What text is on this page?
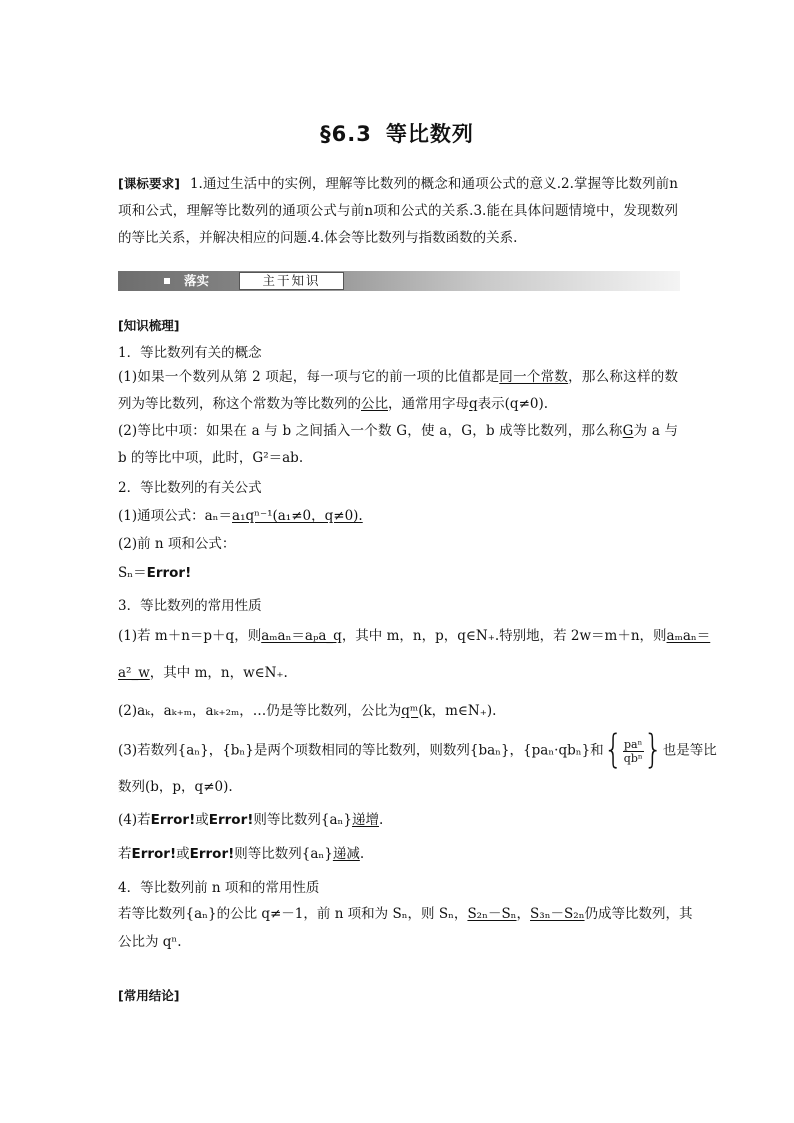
§6.3 等比数列
[课标要求] 1.通过生活中的实例，理解等比数列的概念和通项公式的意义.2.掌握等比数列前n项和公式，理解等比数列的通项公式与前n项和公式的关系.3.能在具体问题情境中，发现数列的等比关系，并解决相应的问题.4.体会等比数列与指数函数的关系.
落实	主干知识
[知识梳理]
1．等比数列有关的概念
(1)如果一个数列从第 2 项起，每一项与它的前一项的比值都是同一个常数，那么称这样的数列为等比数列，称这个常数为等比数列的公比，通常用字母q表示(q≠0).
(2)等比中项：如果在 a 与 b 之间插入一个数 G，使 a，G，b 成等比数列，那么称G为 a 与 b 的等比中项，此时，G²＝ab.
2．等比数列的有关公式
(1)通项公式：aₙ＝a₁qⁿ⁻¹(a₁≠0，q≠0).
(2)前 n 项和公式：
Sₙ＝Error!
3．等比数列的常用性质
(1)若 m＋n＝p＋q，则aₘaₙ＝aₚa_q，其中 m，n，p，q∈N₊.特别地，若 2w＝m＋n，则aₘaₙ＝
a²_w，其中 m，n，w∈N₊.
(2)aₖ，aₖ₊ₘ，aₖ₊₂ₘ，…仍是等比数列，公比为qᵐ(k，m∈N₊).
(3)若数列{aₙ}，{bₙ}是两个项数相同的等比数列，则数列{baₙ}，{paₙ·qbₙ}和{ $\frac{\text{paⁿ}}{\text{qbⁿ}}$ }也是等比
数列(b，p，q≠0).
(4)若Error!或Error!则等比数列{aₙ}递增.
若Error!或Error!则等比数列{aₙ}递减.
4．等比数列前 n 项和的常用性质
若等比数列{aₙ}的公比 q≠－1，前 n 项和为 Sₙ，则 Sₙ，S₂ₙ－Sₙ，S₃ₙ－S₂ₙ仍成等比数列，其
公比为 qⁿ.
[常用结论]
